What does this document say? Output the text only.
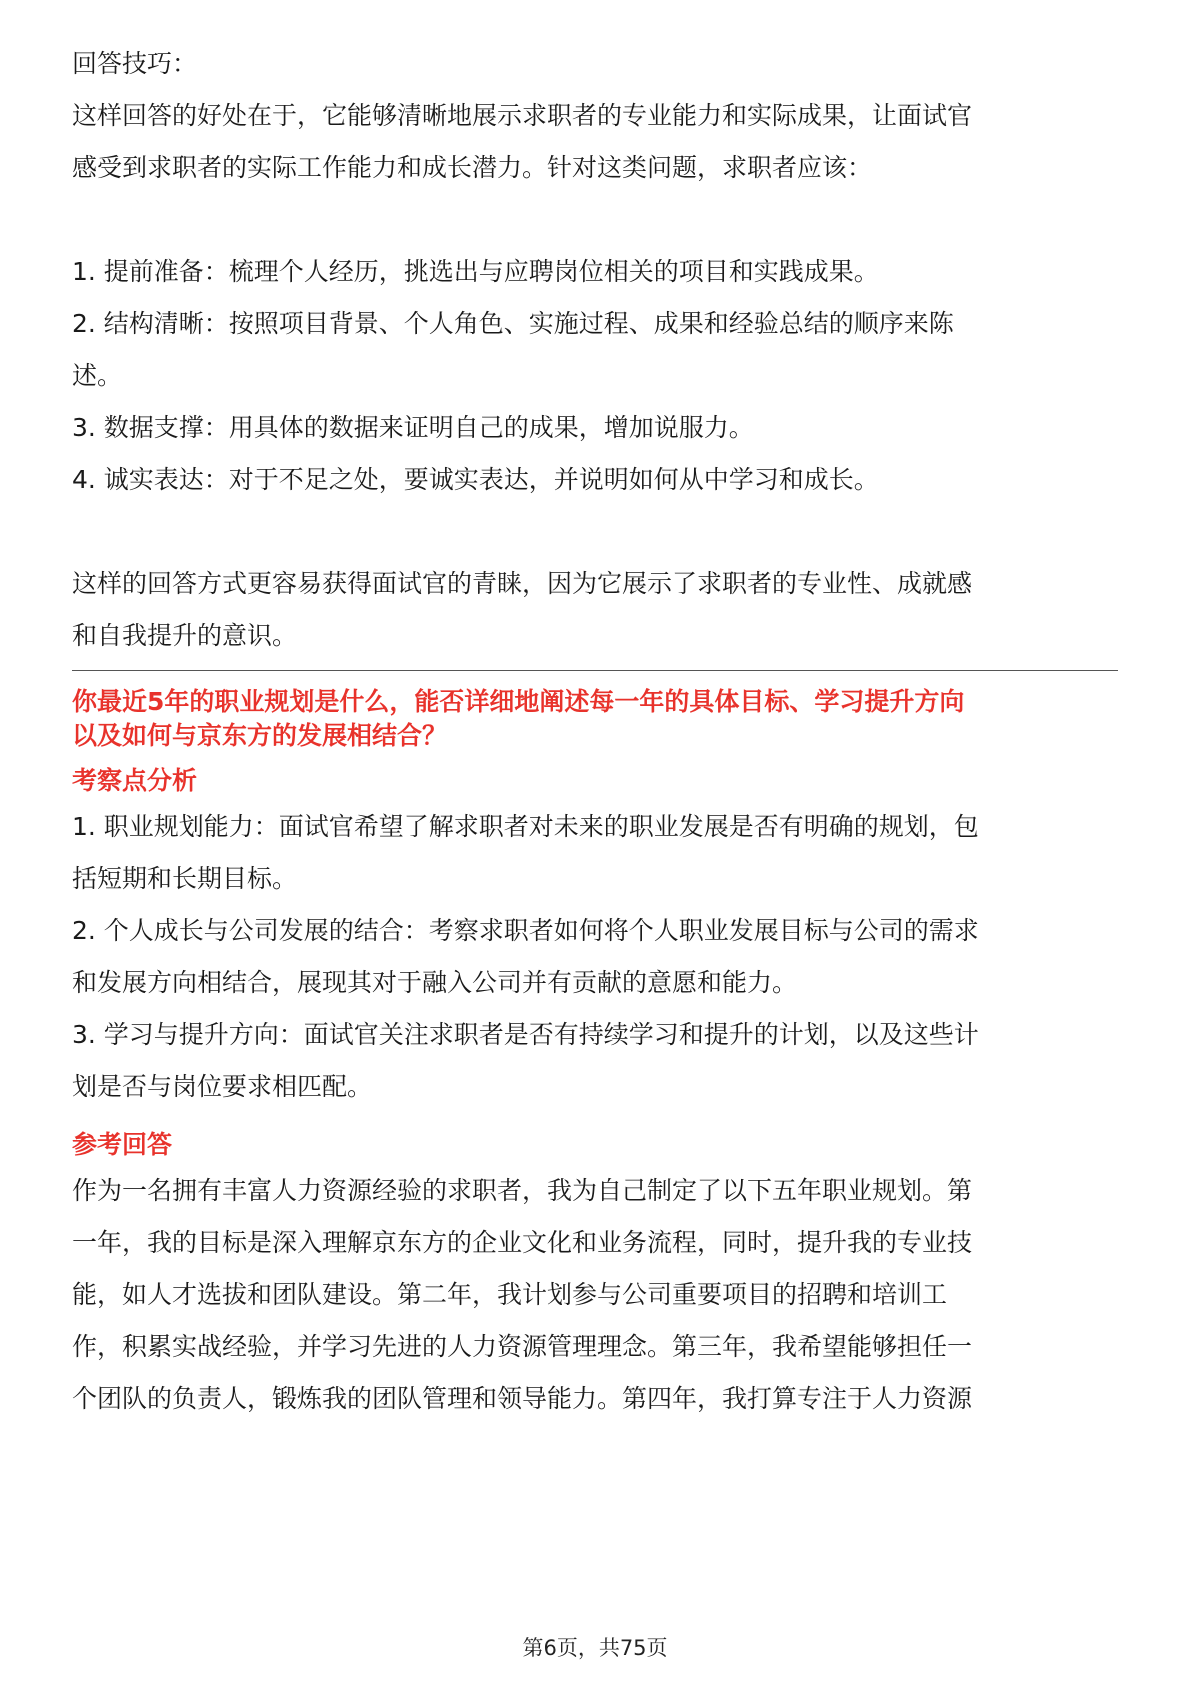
回答技巧：

这样回答的好处在于，它能够清晰地展示求职者的专业能力和实际成果，让面试官

感受到求职者的实际工作能力和成长潜力。针对这类问题，求职者应该：

1. 提前准备：梳理个人经历，挑选出与应聘岗位相关的项目和实践成果。

2. 结构清晰：按照项目背景、个人角色、实施过程、成果和经验总结的顺序来陈

述。

3. 数据支撑：用具体的数据来证明自己的成果，增加说服力。

4. 诚实表达：对于不足之处，要诚实表达，并说明如何从中学习和成长。

这样的回答方式更容易获得面试官的青睐，因为它展示了求职者的专业性、成就感

和自我提升的意识。

你最近5年的职业规划是什么，能否详细地阐述每一年的具体目标、学习提升方向

以及如何与京东方的发展相结合？

考察点分析

1. 职业规划能力：面试官希望了解求职者对未来的职业发展是否有明确的规划，包

括短期和长期目标。

2. 个人成长与公司发展的结合：考察求职者如何将个人职业发展目标与公司的需求

和发展方向相结合，展现其对于融入公司并有贡献的意愿和能力。

3. 学习与提升方向：面试官关注求职者是否有持续学习和提升的计划，以及这些计

划是否与岗位要求相匹配。

参考回答

作为一名拥有丰富人力资源经验的求职者，我为自己制定了以下五年职业规划。第

一年，我的目标是深入理解京东方的企业文化和业务流程，同时，提升我的专业技

能，如人才选拔和团队建设。第二年，我计划参与公司重要项目的招聘和培训工

作，积累实战经验，并学习先进的人力资源管理理念。第三年，我希望能够担任一

个团队的负责人，锻炼我的团队管理和领导能力。第四年，我打算专注于人力资源

第6页，共75页
